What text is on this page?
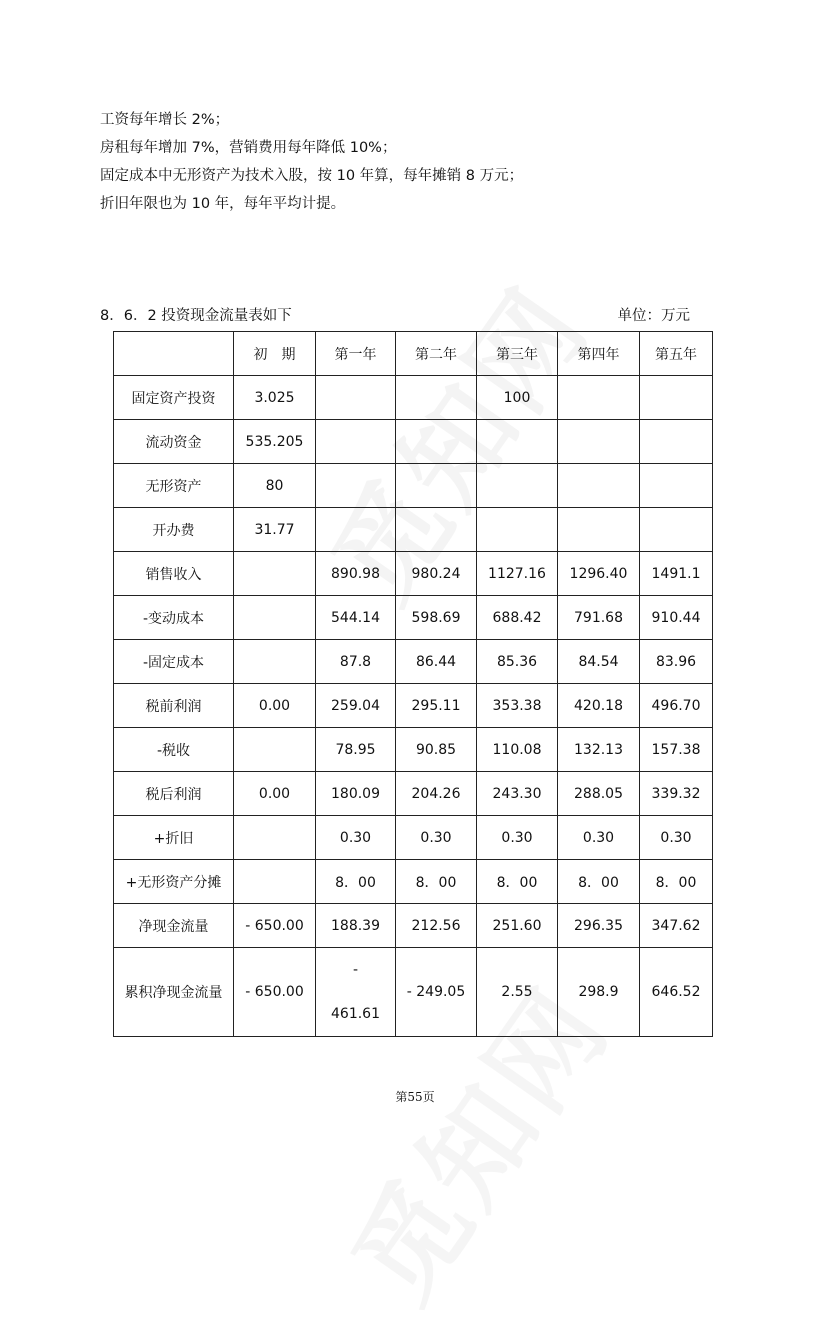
工资每年增长 2%；
房租每年增加 7%，营销费用每年降低 10%；
固定成本中无形资产为技术入股，按 10 年算，每年摊销 8 万元；
折旧年限也为 10 年，每年平均计提。
8．6．2 投资现金流量表如下	单位：万元
	初　期	第一年	第二年	第三年	第四年	第五年
固定资产投资	3.025			100		
流动资金	535.205					
无形资产	80					
开办费	31.77					
销售收入		890.98	980.24	1127.16	1296.40	1491.1
-变动成本		544.14	598.69	688.42	791.68	910.44
-固定成本		87.8	86.44	85.36	84.54	83.96
税前利润	0.00	259.04	295.11	353.38	420.18	496.70
-税收		78.95	90.85	110.08	132.13	157.38
税后利润	0.00	180.09	204.26	243.30	288.05	339.32
+折旧		0.30	0.30	0.30	0.30	0.30
+无形资产分摊		8．00	8．00	8．00	8．00	8．00
净现金流量	- 650.00	188.39	212.56	251.60	296.35	347.62
累积净现金流量	- 650.00	-
461.61	- 249.05	2.55	298.9	646.52
第55页
